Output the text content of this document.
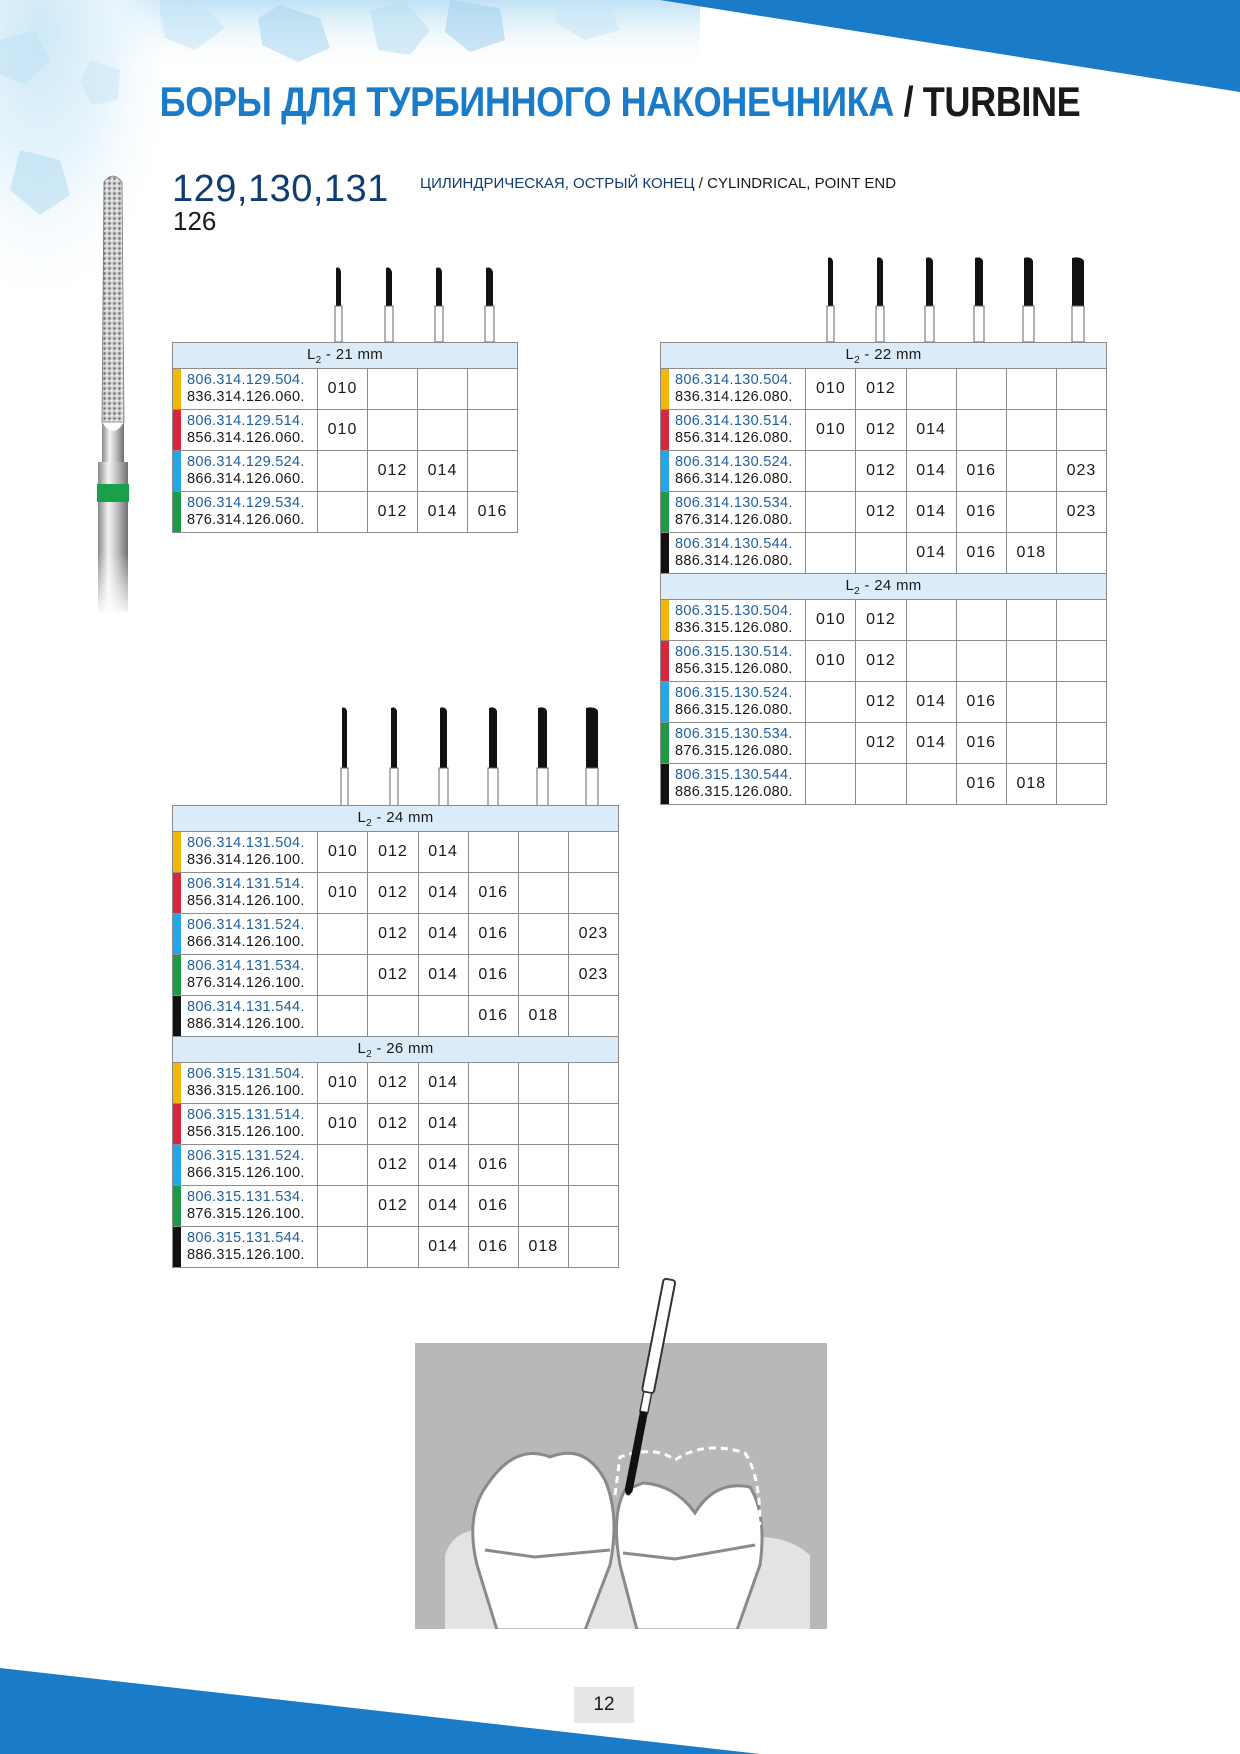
БОРЫ ДЛЯ ТУРБИННОГО НАКОНЕЧНИКА / TURBINE
129,130,131
126
ЦИЛИНДРИЧЕСКАЯ, ОСТРЫЙ КОНЕЦ / CYLINDRICAL, POINT END
$L_2 - 21$ mm				

806.314.129.504.
836.314.126.060.	010			

806.314.129.514.
856.314.126.060.	010			

806.314.129.524.
866.314.126.060.		012	014	

806.314.129.534.
876.314.126.060.		012	014	016
$L_2 - 22$ mm						

806.314.130.504.
836.314.126.080.	010	012				

806.314.130.514.
856.314.126.080.	010	012	014			

806.314.130.524.
866.314.126.080.		012	014	016		023

806.314.130.534.
876.314.126.080.		012	014	016		023

806.314.130.544.
886.314.126.080.			014	016	018	
$L_2 - 24$ mm						

806.315.130.504.
836.315.126.080.	010	012				

806.315.130.514.
856.315.126.080.	010	012				

806.315.130.524.
866.315.126.080.		012	014	016		

806.315.130.534.
876.315.126.080.		012	014	016		

806.315.130.544.
886.315.126.080.				016	018	
$L_2 - 24$ mm						

806.314.131.504.
836.314.126.100.	010	012	014			

806.314.131.514.
856.314.126.100.	010	012	014	016		

806.314.131.524.
866.314.126.100.		012	014	016		023

806.314.131.534.
876.314.126.100.		012	014	016		023

806.314.131.544.
886.314.126.100.				016	018	
$L_2 - 26$ mm						

806.315.131.504.
836.315.126.100.	010	012	014			

806.315.131.514.
856.315.126.100.	010	012	014			

806.315.131.524.
866.315.126.100.		012	014	016		

806.315.131.534.
876.315.126.100.		012	014	016		

806.315.131.544.
886.315.126.100.			014	016	018	
12
